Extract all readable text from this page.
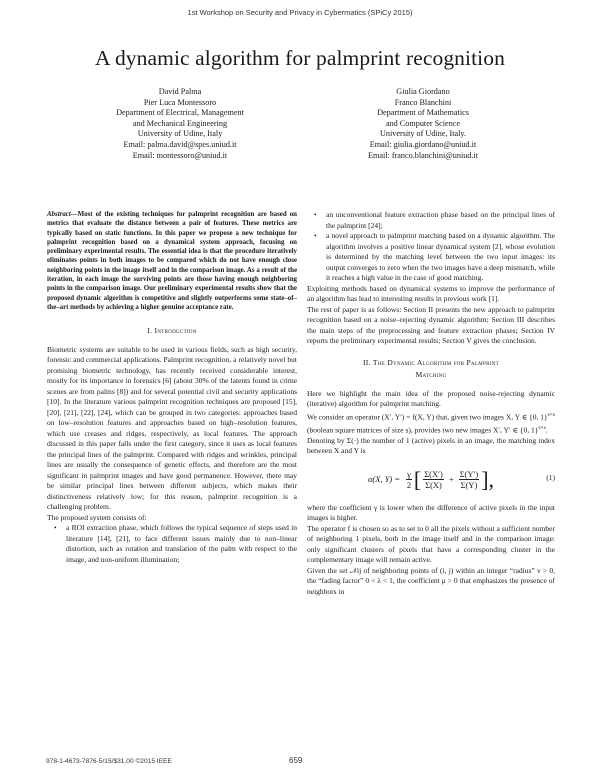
1st Workshop on Security and Privacy in Cybermatics (SPiCy 2015)
A dynamic algorithm for palmprint recognition
David Palma
Pier Luca Montessoro
Department of Electrical, Management
and Mechanical Engineering
University of Udine, Italy
Email: palma.david@spes.uniud.it
Email: montessoro@uniud.it
Giulia Giordano
Franco Blanchini
Department of Mathematics
and Computer Science
University of Udine, Italy.
Email: giulia.giordano@uniud.it
Email: franco.blanchini@uniud.it

Abstract—Most of the existing techniques for palmprint recognition are based on metrics that evaluate the distance between a pair of features. These metrics are typically based on static functions. In this paper we propose a new technique for palmprint recognition based on a dynamical system approach, focusing on preliminary experimental results. The essential idea is that the procedure iteratively eliminates points in both images to be compared which do not have enough close neighboring points in the image itself and in the comparison image. As a result of the iteration, in each image the surviving points are those having enough neighboring points in the comparison image. Our preliminary experimental results show that the proposed dynamic algorithm is competitive and slightly outperforms some state–of–the–art methods by achieving a higher genuine acceptance rate.

I. Introduction

Biometric systems are suitable to be used in various fields, such as high security, forensic and commercial applications. Palmprint recognition, a relatively novel but promising biometric technology, has recently received considerable interest, mostly for its importance in forensics [6] (about 30% of the latents found in crime scenes are from palms [8]) and for several potential civil and security applications [10]. In the literature various palmprint recognition techniques are proposed [15], [20], [21], [22], [24], which can be grouped in two categories: approaches based on low–resolution features and approaches based on high–resolution features, which use creases and ridges, respectively, as local features. The approach discussed in this paper falls under the first category, since it uses as local features the principal lines of the palmprint. Compared with ridges and wrinkles, principal lines are usually the consequence of genetic effects, and therefore are the most significant in palmprint images and have good permanence. However, there may be similar principal lines between different subjects, which makes their distinctiveness relatively low; for this reason, palmprint recognition is a challenging problem.

The proposed system consists of:

• a ROI extraction phase, which follows the typical sequence of steps used in literature [14], [21], to face different issues mainly due to non–linear distortion, such as rotation and translation of the palm with respect to the image, and non-uniform illumination;
• an unconventional feature extraction phase based on the principal lines of the palmprint [24];
• a novel approach to palmprint matching based on a dynamic algorithm. The algorithm involves a positive linear dynamical system [2], whose evolution is determined by the matching level between the two input images: its output converges to zero when the two images have a deep mismatch, while it reaches a high value in the case of good matching.

Exploiting methods based on dynamical systems to improve the performance of an algorithm has lead to interesting results in previous work [1].

The rest of paper is as follows: Section II presents the new approach to palmprint recognition based on a noise–rejecting dynamic algorithm; Section III describes the main steps of the preprocessing and feature extraction phases; Section IV reports the preliminary experimental results; Section V gives the conclusion.

II. The Dynamic Algorithm for Palmprint
Matching

Here we highlight the main idea of the proposed noise-rejecting dynamic (iterative) algorithm for palmprint matching.

We consider an operator (X′, Y′) = f(X, Y) that, given two images X, Y ∈ {0, 1}$^{s\times s}$ (boolean square matrices of size s), provides two new images X′, Y′ ∈ {0, 1}$^{s\times s}$.

Denoting by Σ(·) the number of 1 (active) pixels in an image, the matching index between X and Y is

α(X, $Y) = \frac{\gamma}{2}$ [ $\frac{\Sigma(X')}{\Sigma(X)} + \frac{\Sigma(Y')}{\Sigma(Y)}$ ],	(1)

where the coefficient γ is lower when the difference of active pixels in the input images is higher.

The operator f is chosen so as to set to 0 all the pixels without a sufficient number of neighboring 1 pixels, both in the image itself and in the comparison image: only significant clusters of pixels that have a corresponding cluster in the complementary image will remain active.

Given the set 𝒩ij of neighboring points of (i, j) within an integer “radius” ν > 0, the “fading factor” 0 < λ < 1, the coefficient μ > 0 that emphasizes the presence of neighbors in

978-1-4673-7876-5/15/$31.00 ©2015 IEEE	659
